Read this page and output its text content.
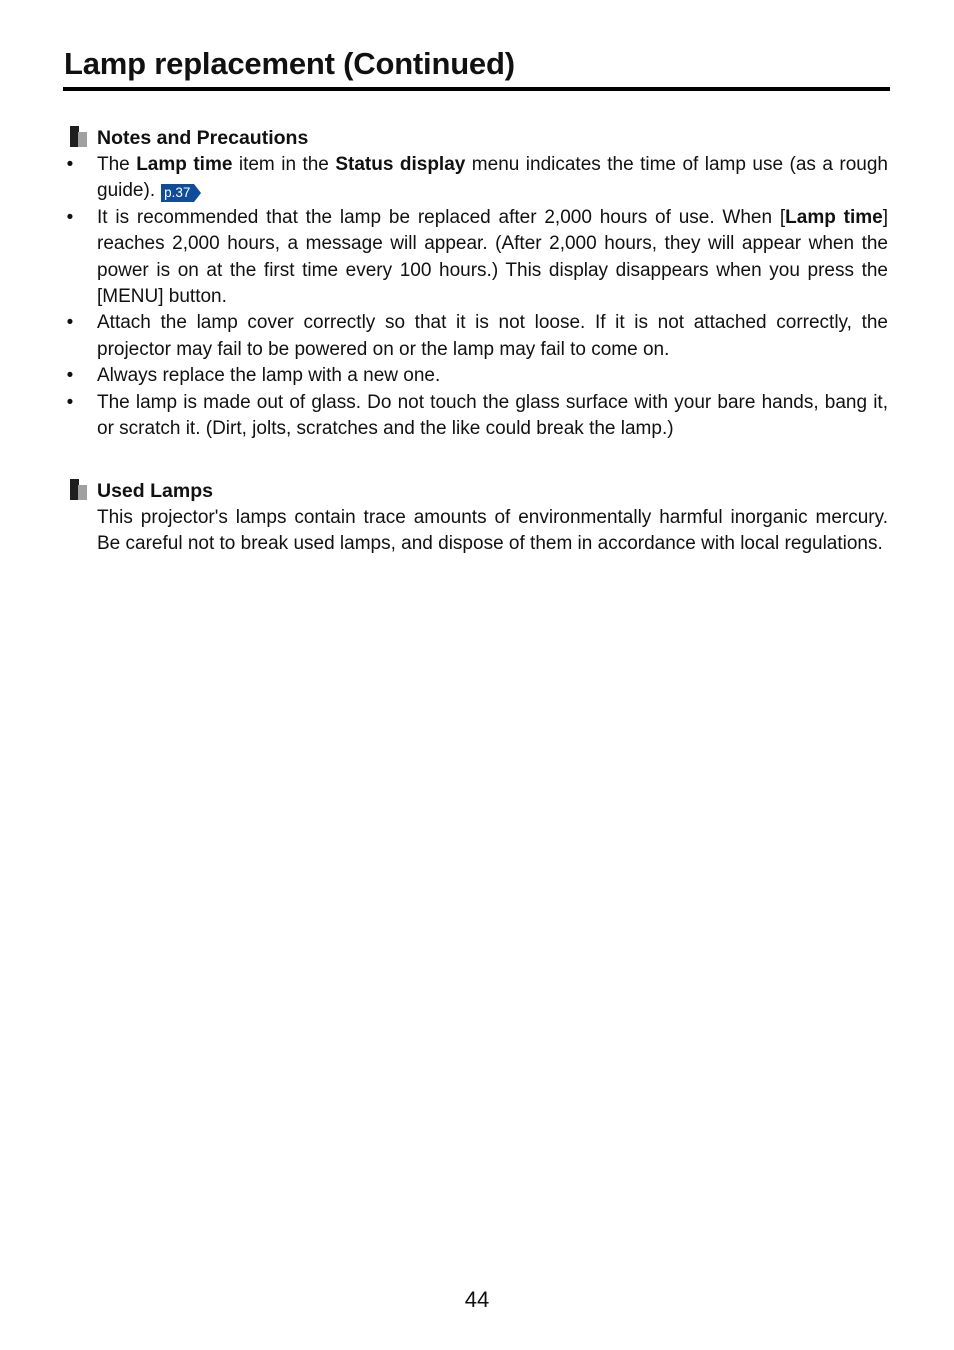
Lamp replacement (Continued)
Notes and Precautions
• The Lamp time item in the Status display menu indicates the time of lamp use (as a rough guide). p.37
• It is recommended that the lamp be replaced after 2,000 hours of use. When [Lamp time] reaches 2,000 hours, a message will appear. (After 2,000 hours, they will appear when the power is on at the first time every 100 hours.) This display disappears when you press the [MENU] button.
• Attach the lamp cover correctly so that it is not loose. If it is not attached correctly, the projector may fail to be powered on or the lamp may fail to come on.
• Always replace the lamp with a new one.
• The lamp is made out of glass. Do not touch the glass surface with your bare hands, bang it, or scratch it. (Dirt, jolts, scratches and the like could break the lamp.)
Used Lamps

This projector's lamps contain trace amounts of environmentally harmful inorganic mercury. Be careful not to break used lamps, and dispose of them in accordance with local regulations.

44
